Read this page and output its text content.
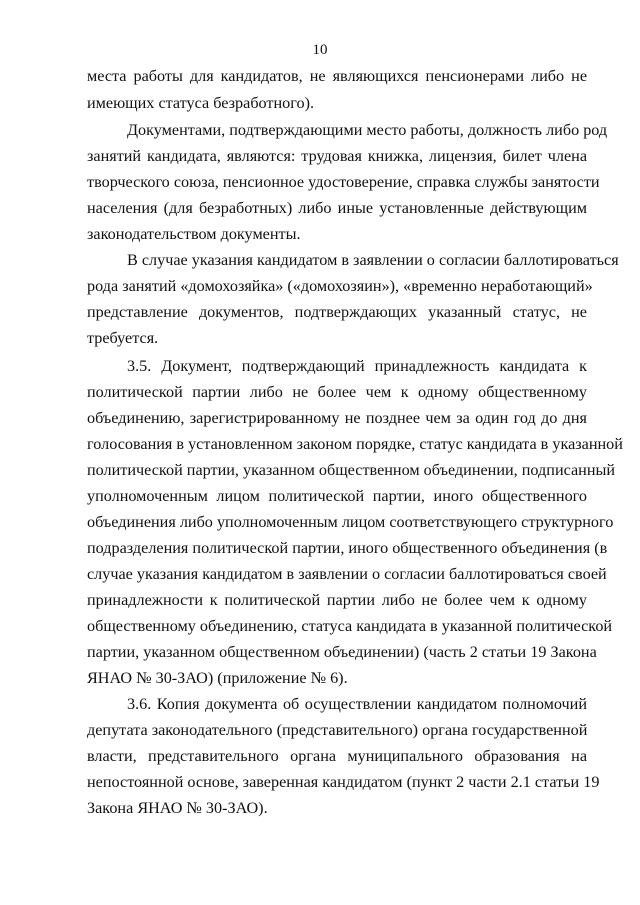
10
места работы для кандидатов, не являющихся пенсионерами либо не
имеющих статуса безработного).
Документами, подтверждающими место работы, должность либо род
занятий кандидата, являются: трудовая книжка, лицензия, билет члена
творческого союза, пенсионное удостоверение, справка службы занятости
населения (для безработных) либо иные установленные действующим
законодательством документы.
В случае указания кандидатом в заявлении о согласии баллотироваться
рода занятий «домохозяйка» («домохозяин»), «временно неработающий»
представление документов, подтверждающих указанный статус, не
требуется.
3.5. Документ, подтверждающий принадлежность кандидата к
политической партии либо не более чем к одному общественному
объединению, зарегистрированному не позднее чем за один год до дня
голосования в установленном законом порядке, статус кандидата в указанной
политической партии, указанном общественном объединении, подписанный
уполномоченным лицом политической партии, иного общественного
объединения либо уполномоченным лицом соответствующего структурного
подразделения политической партии, иного общественного объединения (в
случае указания кандидатом в заявлении о согласии баллотироваться своей
принадлежности к политической партии либо не более чем к одному
общественному объединению, статуса кандидата в указанной политической
партии, указанном общественном объединении) (часть 2 статьи 19 Закона
ЯНАО № 30-ЗАО) (приложение № 6).
3.6. Копия документа об осуществлении кандидатом полномочий
депутата законодательного (представительного) органа государственной
власти, представительного органа муниципального образования на
непостоянной основе, заверенная кандидатом (пункт 2 части 2.1 статьи 19
Закона ЯНАО № 30-ЗАО).
